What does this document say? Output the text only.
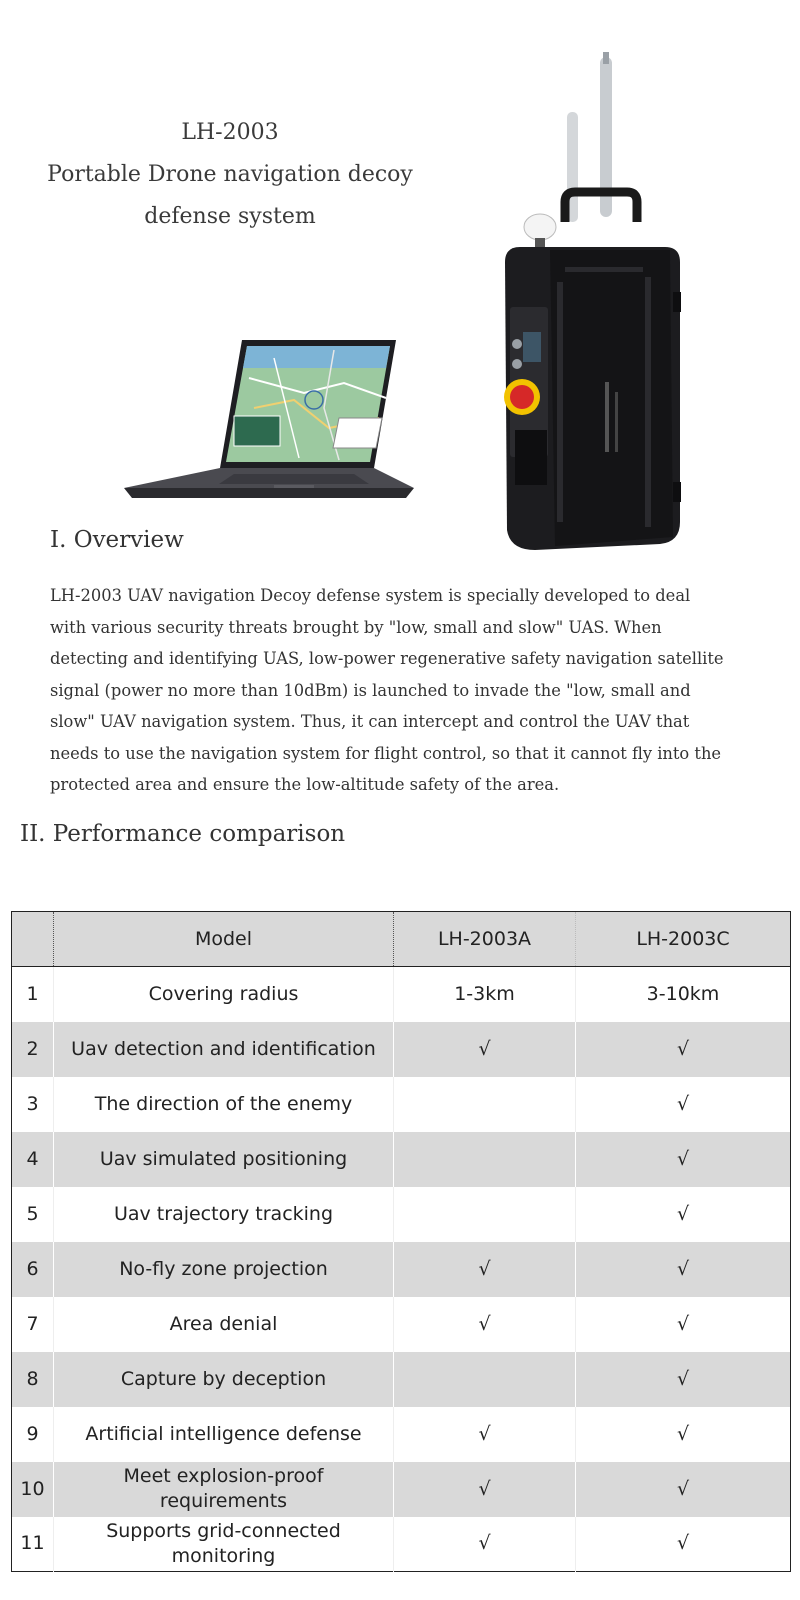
LH-2003
Portable Drone navigation decoy
defense system
I. Overview
LH-2003 UAV navigation Decoy defense system is specially developed to deal
with various security threats brought by "low, small and slow" UAS. When
detecting and identifying UAS, low-power regenerative safety navigation satellite
signal (power no more than 10dBm) is launched to invade the "low, small and
slow" UAV navigation system. Thus, it can intercept and control the UAV that
needs to use the navigation system for flight control, so that it cannot fly into the
protected area and ensure the low-altitude safety of the area.
II. Performance comparison
	Model	LH-2003A	LH-2003C
1	Covering radius	1-3km	3-10km
2	Uav detection and identification	√	√
3	The direction of the enemy		√
4	Uav simulated positioning		√
5	Uav trajectory tracking		√
6	No-fly zone projection	√	√
7	Area denial	√	√
8	Capture by deception		√
9	Artificial intelligence defense	√	√
10	Meet explosion-proof requirements	√	√
11	Supports grid-connected monitoring	√	√
